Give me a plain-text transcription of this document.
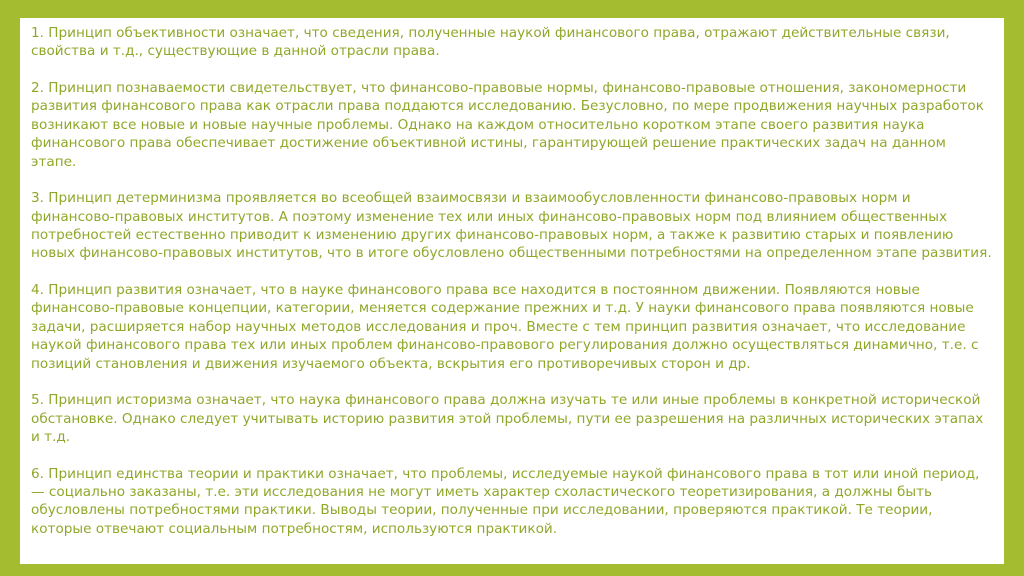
1. Принцип объективности означает, что сведения, полученные наукой финансового права, отражают действительные связи, свойства и т.д., существующие в данной отрасли права.

2. Принцип познаваемости свидетельствует, что финансово-правовые нормы, финансово-правовые отношения, закономерности развития финансового права как отрасли права поддаются исследованию. Безусловно, по мере продвижения научных разработок возникают все новые и новые научные проблемы. Однако на каждом относительно коротком этапе своего развития наука финансового права обеспечивает достижение объективной истины, гарантирующей решение практических задач на данном этапе.

3. Принцип детерминизма проявляется во всеобщей взаимосвязи и взаимообусловленности финансово-правовых норм и финансово-правовых институтов. А поэтому изменение тех или иных финансово-правовых норм под влиянием общественных потребностей естественно приводит к изменению других финансово-правовых норм, а также к развитию старых и появлению новых финансово-правовых институтов, что в итоге обусловлено общественными потребностями на определенном этапе развития.

4. Принцип развития означает, что в науке финансового права все находится в постоянном движении. Появляются новые финансово-правовые концепции, категории, меняется содержание прежних и т.д. У науки финансового права появляются новые задачи, расширяется набор научных методов исследования и проч. Вместе с тем принцип развития означает, что исследование наукой финансового права тех или иных проблем финансово-правового регулирования должно осуществляться динамично, т.е. с позиций становления и движения изучаемого объекта, вскрытия его противоречивых сторон и др.

5. Принцип историзма означает, что наука финансового права должна изучать те или иные проблемы в конкретной исторической обстановке. Однако следует учитывать историю развития этой проблемы, пути ее разрешения на различных исторических этапах и т.д.

6. Принцип единства теории и практики означает, что проблемы, исследуемые наукой финансового права в тот или иной период, — социально заказаны, т.е. эти исследования не могут иметь характер схоластического теоретизирования, а должны быть обусловлены потребностями практики. Выводы теории, полученные при исследовании, проверяются практикой. Те теории, которые отвечают социальным потребностям, используются практикой.
